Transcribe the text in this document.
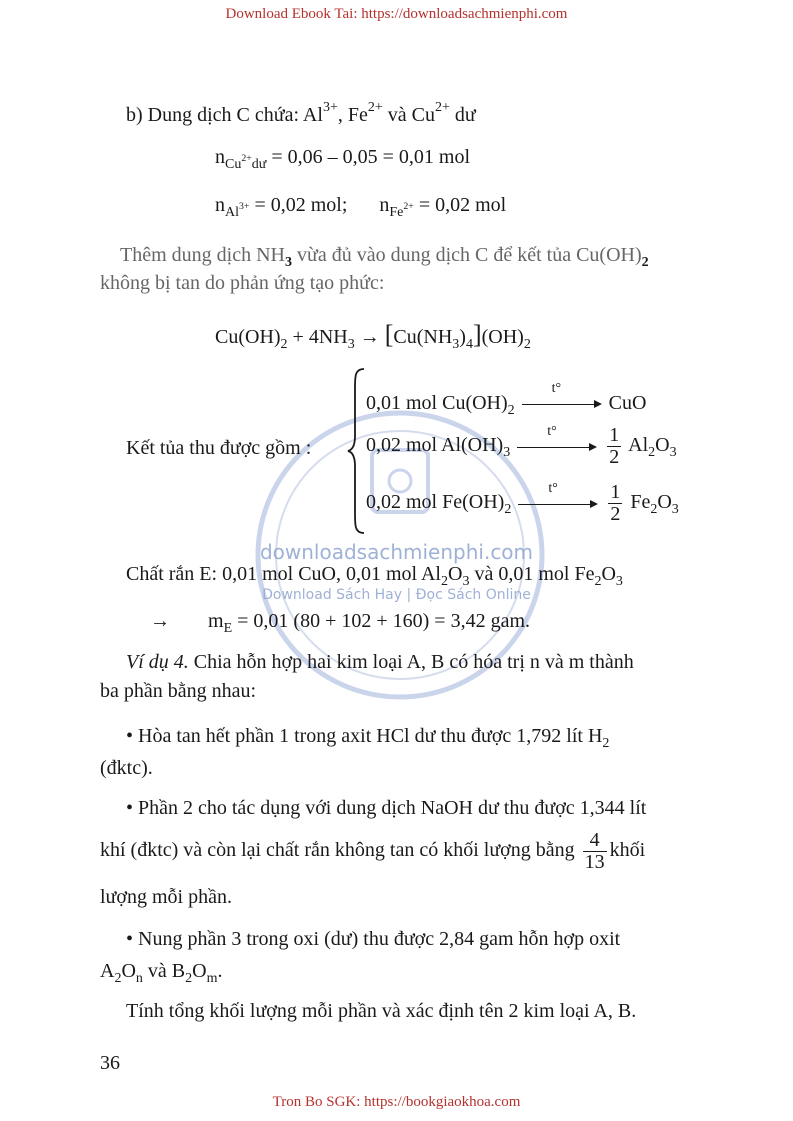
Download Ebook Tai: https://downloadsachmienphi.com
Tron Bo SGK: https://bookgiaokhoa.com
downloadsachmienphi.com
Download Sách Hay | Đọc Sách Online
b) Dung dịch C chứa: $Al^{3+}$, $Fe^{2+}$ và $Cu^{2+}$ dư
$n_{Cu^{2+}dư} = 0,06 - 0,05 = 0,01$ mol
$n_{Al^{3+}} = 0,02$ mol;  $n_{Fe^{2+}} = 0,02$ mol
Thêm dung dịch $NH_3$ vừa đủ vào dung dịch C để kết tủa $Cu(OH)_2$
không bị tan do phản ứng tạo phức:
$Cu(OH)_2 + 4NH_3 \to [Cu(NH_3)_4](OH)_2$
Kết tủa thu được gồm :
0,01 mol $Cu(OH)_2$
t°
CuO
0,02 mol $Al(OH)_3$
t°
	$\frac{1}{2} Al_2O_3$
0,02 mol $Fe(OH)_2$
t°
	$\frac{1}{2} Fe_2O_3$
Chất rắn E: 0,01 mol CuO, 0,01 mol $Al_2O_3$ và 0,01 mol $Fe_2O_3$
→ $m_E = 0,01$ (80 + 102 + 160) = 3,42 gam.
Ví dụ 4. Chia hỗn hợp hai kim loại A, B có hóa trị n và m thành
ba phần bằng nhau:
• Hòa tan hết phần 1 trong axit HCl dư thu được 1,792 lít $H_2$
(đktc).
• Phần 2 cho tác dụng với dung dịch NaOH dư thu được 1,344 lít
khí (đktc) và còn lại chất rắn không tan có khối lượng bằng $\frac{4}{13}$ khối
lượng mỗi phần.
• Nung phần 3 trong oxi (dư) thu được 2,84 gam hỗn hợp oxit
$A_2O_n$ và $B_2O_m$.
Tính tổng khối lượng mỗi phần và xác định tên 2 kim loại A, B.
36
